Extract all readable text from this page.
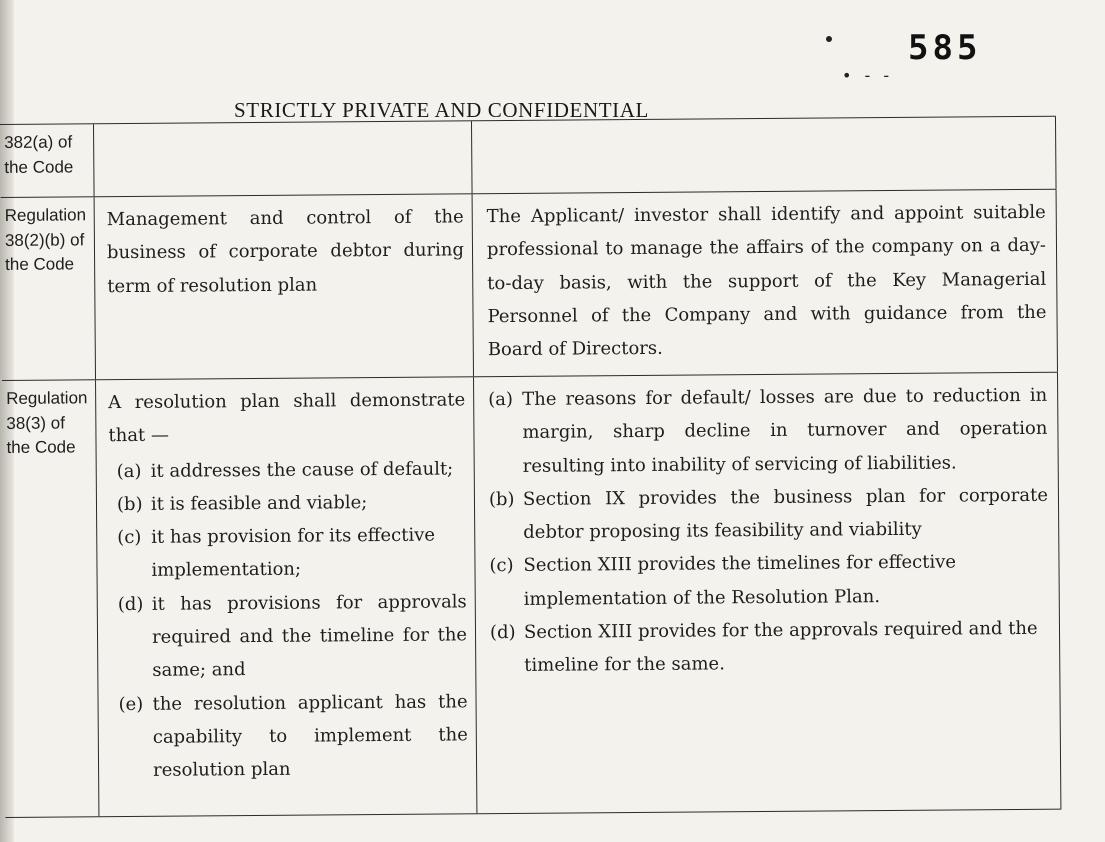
585
• - -
STRICTLY PRIVATE AND CONFIDENTIAL
382(a) of the Code
Regulation 38(2)(b) of the Code

Management and control of the business of corporate debtor during term of resolution plan

The Applicant/ investor shall identify and appoint suitable professional to manage the affairs of the company on a day-to-day basis, with the support of the Key Managerial Personnel of the Company and with guidance from the Board of Directors.

Regulation 38(3) of the Code

A resolution plan shall demonstrate that —

(a) it addresses the cause of default;
(b) it is feasible and viable;
(c) it has provision for its effective implementation;
(d) it has provisions for approvals required and the timeline for the same; and
(e) the resolution applicant has the capability to implement the resolution plan
(a) The reasons for default/ losses are due to reduction in margin, sharp decline in turnover and operation resulting into inability of servicing of liabilities.
(b) Section IX provides the business plan for corporate debtor proposing its feasibility and viability
(c) Section XIII provides the timelines for effective implementation of the Resolution Plan.
(d) Section XIII provides for the approvals required and the timeline for the same.
